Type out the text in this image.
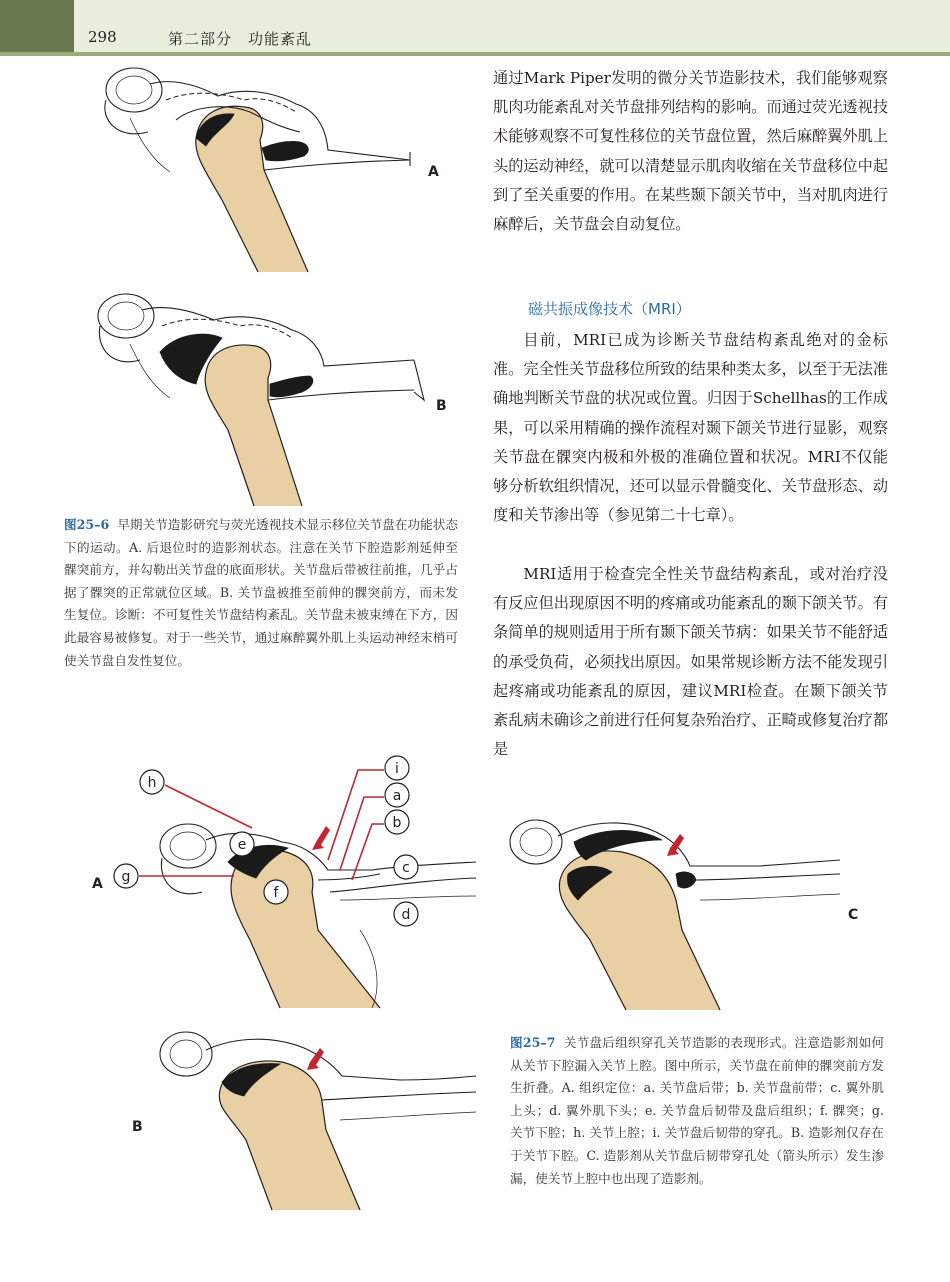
298	第二部分　功能紊乱
A
B
i
a
b
h
e
c
g
f
d
A
C
B

通过Mark Piper发明的微分关节造影技术，我们能够观察肌肉功能紊乱对关节盘排列结构的影响。而通过荧光透视技术能够观察不可复性移位的关节盘位置，然后麻醉翼外肌上头的运动神经，就可以清楚显示肌肉收缩在关节盘移位中起到了至关重要的作用。在某些颞下颌关节中，当对肌肉进行麻醉后，关节盘会自动复位。

磁共振成像技术（MRI）

目前，MRI已成为诊断关节盘结构紊乱绝对的金标准。完全性关节盘移位所致的结果种类太多，以至于无法准确地判断关节盘的状况或位置。归因于Schellhas的工作成果，可以采用精确的操作流程对颞下颌关节进行显影，观察关节盘在髁突内极和外极的准确位置和状况。MRI不仅能够分析软组织情况，还可以显示骨髓变化、关节盘形态、动度和关节渗出等（参见第二十七章）。

MRI适用于检查完全性关节盘结构紊乱，或对治疗没有反应但出现原因不明的疼痛或功能紊乱的颞下颌关节。有条简单的规则适用于所有颞下颌关节病：如果关节不能舒适的承受负荷，必须找出原因。如果常规诊断方法不能发现引起疼痛或功能紊乱的原因，建议MRI检查。在颞下颌关节紊乱病未确诊之前进行任何复杂殆治疗、正畸或修复治疗都是

图25–6 早期关节造影研究与荧光透视技术显示移位关节盘在功能状态下的运动。A. 后退位时的造影剂状态。注意在关节下腔造影剂延伸至髁突前方，并勾勒出关节盘的底面形状。关节盘后带被往前推，几乎占据了髁突的正常就位区域。B. 关节盘被推至前伸的髁突前方，而未发生复位。诊断：不可复性关节盘结构紊乱。关节盘未被束缚在下方，因此最容易被修复。对于一些关节，通过麻醉翼外肌上头运动神经末梢可使关节盘自发性复位。

图25–7 关节盘后组织穿孔关节造影的表现形式。注意造影剂如何从关节下腔漏入关节上腔。图中所示，关节盘在前伸的髁突前方发生折叠。A. 组织定位：a. 关节盘后带；b. 关节盘前带；c. 翼外肌上头；d. 翼外肌下头；e. 关节盘后韧带及盘后组织；f. 髁突；g. 关节下腔；h. 关节上腔；i. 关节盘后韧带的穿孔。B. 造影剂仅存在于关节下腔。C. 造影剂从关节盘后韧带穿孔处（箭头所示）发生渗漏，使关节上腔中也出现了造影剂。
